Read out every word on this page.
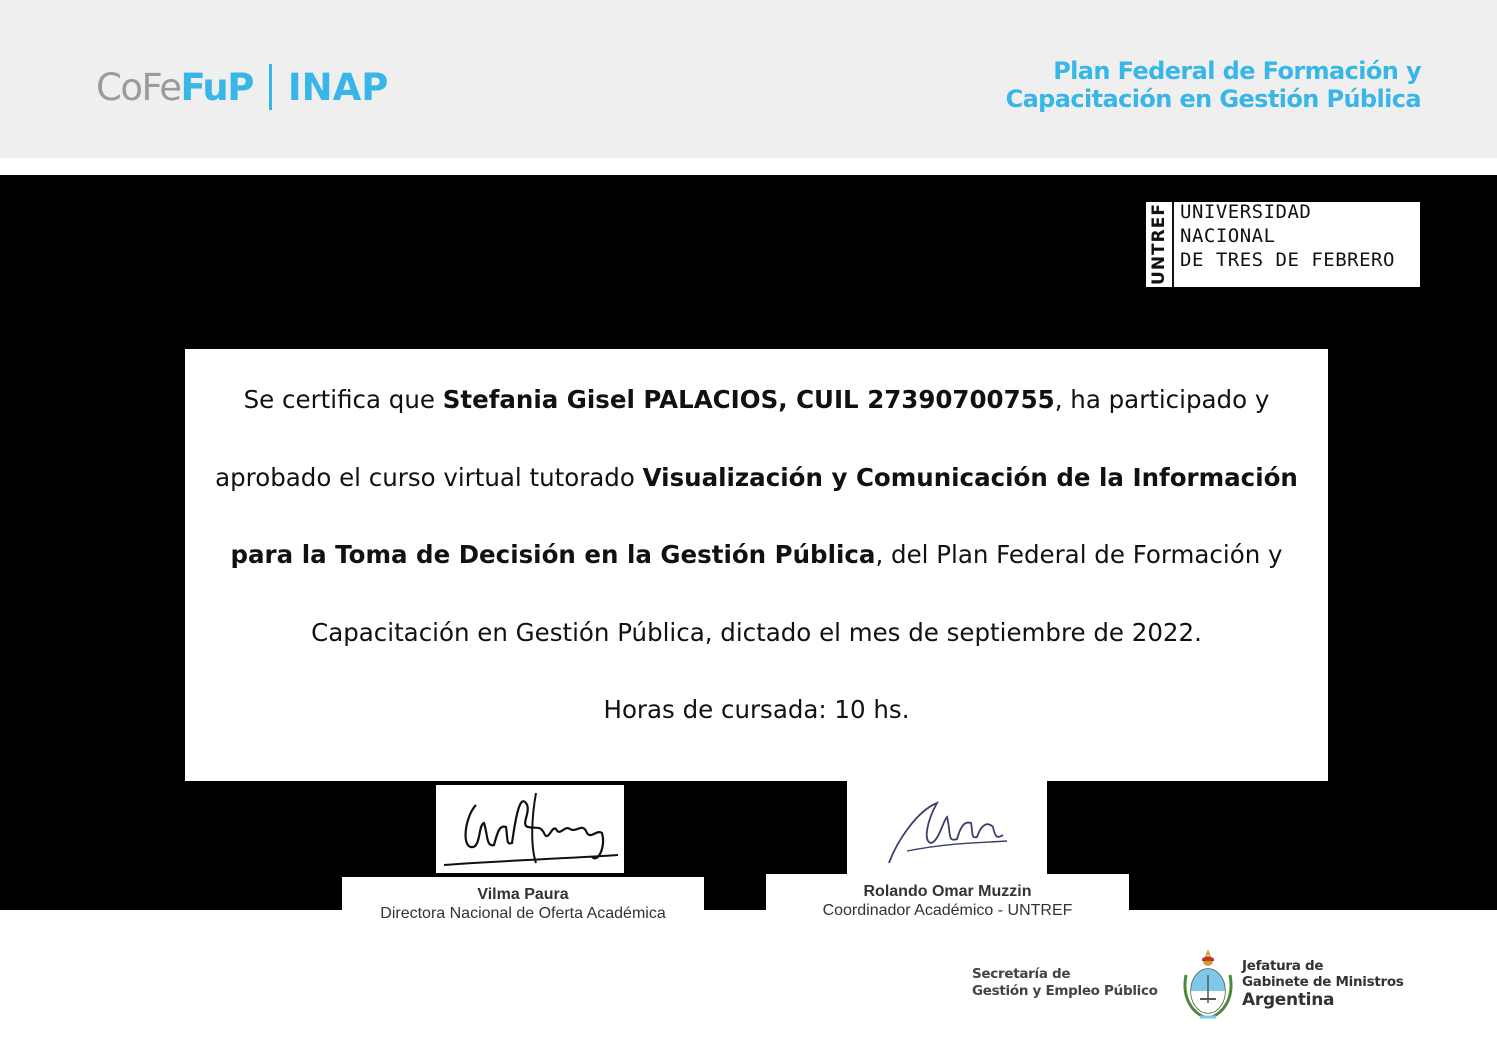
CoFe FuP INAP	Plan Federal de Formación y
Capacitación en Gestión Pública
UNTREF UNIVERSIDAD
NACIONAL
DE TRES DE FEBRERO
Se certifica que Stefania Gisel PALACIOS, CUIL 27390700755, ha participado y
aprobado el curso virtual tutorado Visualización y Comunicación de la Información
para la Toma de Decisión en la Gestión Pública, del Plan Federal de Formación y
Capacitación en Gestión Pública, dictado el mes de septiembre de 2022.
Horas de cursada: 10 hs.
Vilma Paura
Directora Nacional de Oferta Académica
Rolando Omar Muzzin
Coordinador Académico - UNTREF
Secretaría de
Gestión y Empleo Público
Jefatura de
Gabinete de Ministros
Argentina
